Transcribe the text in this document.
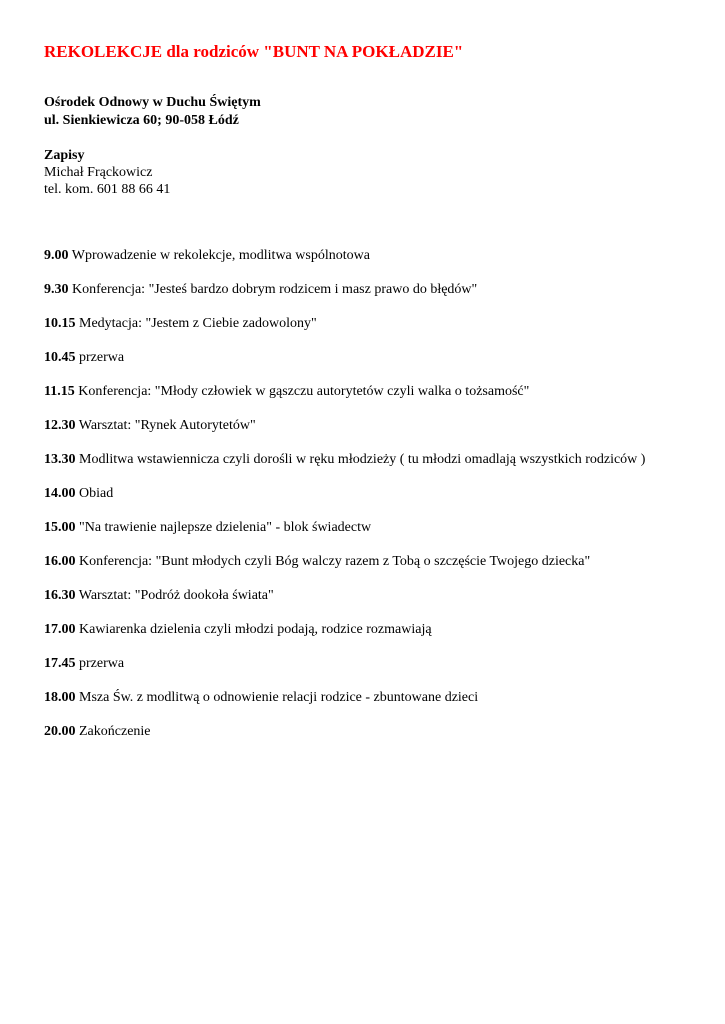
REKOLEKCJE dla rodziców "BUNT NA POKŁADZIE"
Ośrodek Odnowy w Duchu Świętym
ul. Sienkiewicza 60; 90-058 Łódź
Zapisy
Michał Frąckowicz
tel. kom. 601 88 66 41
9.00 Wprowadzenie w rekolekcje, modlitwa wspólnotowa
9.30 Konferencja: "Jesteś bardzo dobrym rodzicem i masz prawo do błędów"
10.15 Medytacja: "Jestem z Ciebie zadowolony"
10.45 przerwa
11.15 Konferencja: "Młody człowiek w gąszczu autorytetów czyli walka o tożsamość"
12.30 Warsztat: "Rynek Autorytetów"
13.30 Modlitwa wstawiennicza czyli dorośli w ręku młodzieży ( tu młodzi omadlają wszystkich rodziców )
14.00 Obiad
15.00 "Na trawienie najlepsze dzielenia" - blok świadectw
16.00 Konferencja: "Bunt młodych czyli Bóg walczy razem z Tobą o szczęście Twojego dziecka"
16.30 Warsztat: "Podróż dookoła świata"
17.00 Kawiarenka dzielenia czyli młodzi podają, rodzice rozmawiają
17.45 przerwa
18.00 Msza Św. z modlitwą o odnowienie relacji rodzice - zbuntowane dzieci
20.00 Zakończenie
